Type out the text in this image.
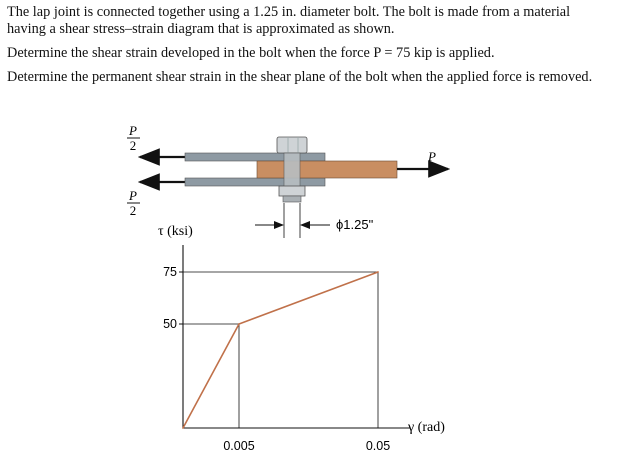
The lap joint is connected together using a 1.25 in. diameter bolt. The bolt is made from a material having a shear stress–strain diagram that is approximated as shown.

Determine the shear strain developed in the bolt when the force P = 75 kip is applied.

Determine the permanent shear strain in the shear plane of the bolt when the applied force is removed.

P
2
P
2
P
ϕ1.25"
τ (ksi)
γ (rad)
50
75
0.005	0.05
